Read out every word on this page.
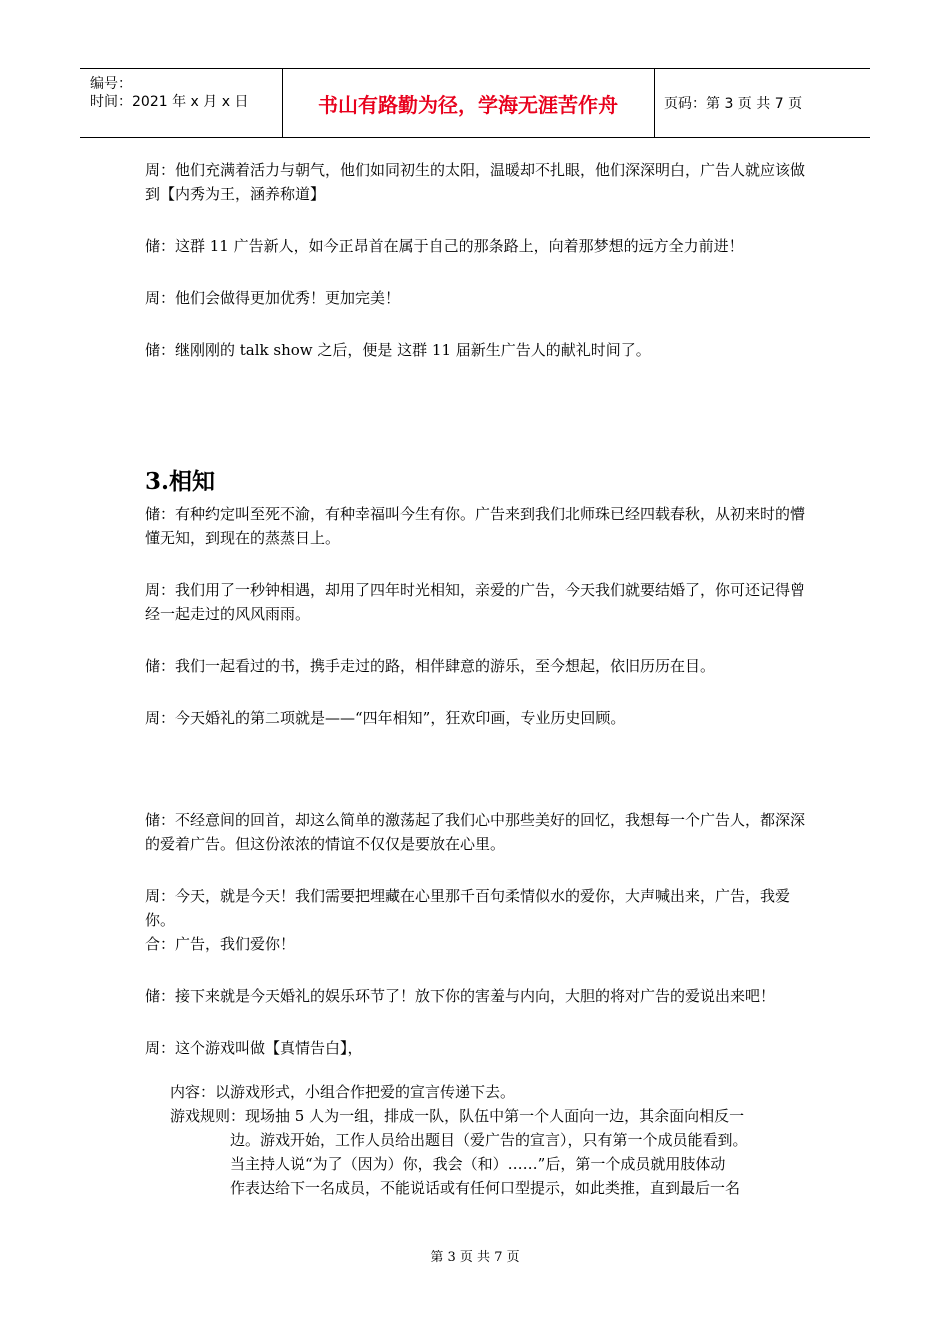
编号：
时间：2021 年 x 月 x 日	书山有路勤为径，学海无涯苦作舟	页码：第 3 页 共 7 页

周：他们充满着活力与朝气，他们如同初生的太阳，温暖却不扎眼，他们深深明白，广告人就应该做到【内秀为王，涵养称道】

储：这群 11 广告新人，如今正昂首在属于自己的那条路上，向着那梦想的远方全力前进！

周：他们会做得更加优秀！更加完美！

储：继刚刚的 talk show 之后，便是 这群 11 届新生广告人的献礼时间了。

3.相知

储：有种约定叫至死不渝，有种幸福叫今生有你。广告来到我们北师珠已经四载春秋，从初来时的懵懂无知，到现在的蒸蒸日上。

周：我们用了一秒钟相遇，却用了四年时光相知，亲爱的广告，今天我们就要结婚了，你可还记得曾经一起走过的风风雨雨。

储：我们一起看过的书，携手走过的路，相伴肆意的游乐，至今想起，依旧历历在目。

周：今天婚礼的第二项就是——“四年相知”，狂欢印画，专业历史回顾。

储：不经意间的回首，却这么简单的激荡起了我们心中那些美好的回忆，我想每一个广告人，都深深的爱着广告。但这份浓浓的情谊不仅仅是要放在心里。

周：今天，就是今天！我们需要把埋藏在心里那千百句柔情似水的爱你，大声喊出来，广告，我爱你。

合：广告，我们爱你！

储：接下来就是今天婚礼的娱乐环节了！放下你的害羞与内向，大胆的将对广告的爱说出来吧！

周：这个游戏叫做【真情告白】，

内容：以游戏形式，小组合作把爱的宣言传递下去。

游戏规则：现场抽 5 人为一组，排成一队，队伍中第一个人面向一边，其余面向相反一

边。游戏开始，工作人员给出题目（爱广告的宣言），只有第一个成员能看到。

当主持人说“为了（因为）你，我会（和）……”后，第一个成员就用肢体动

作表达给下一名成员，不能说话或有任何口型提示，如此类推，直到最后一名

第 3 页 共 7 页
